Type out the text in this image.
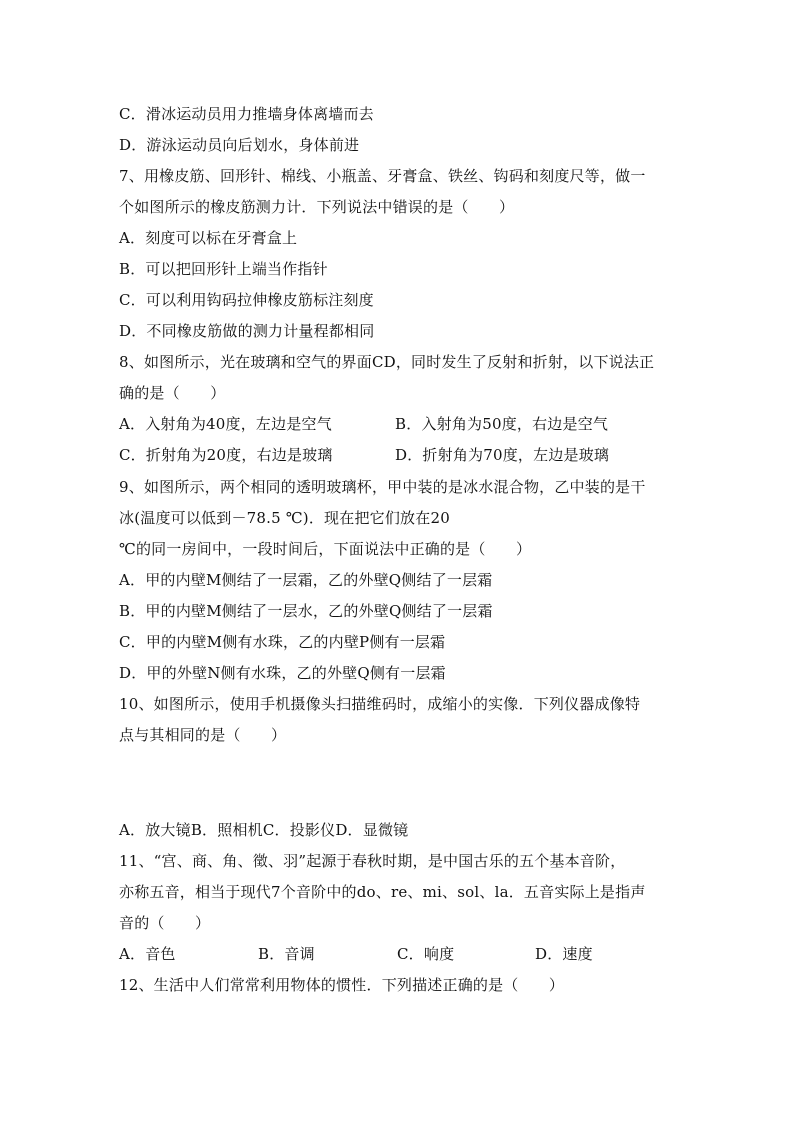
C．滑冰运动员用力推墙身体离墙而去
D．游泳运动员向后划水，身体前进
7、用橡皮筋、回形针、棉线、小瓶盖、牙膏盒、铁丝、钩码和刻度尺等，做一
个如图所示的橡皮筋测力计．下列说法中错误的是（　　）
A．刻度可以标在牙膏盒上
B．可以把回形针上端当作指针
C．可以利用钩码拉伸橡皮筋标注刻度
D．不同橡皮筋做的测力计量程都相同
8、如图所示，光在玻璃和空气的界面CD，同时发生了反射和折射，以下说法正
确的是（　　）
A．入射角为40度，左边是空气	B．入射角为50度，右边是空气
C．折射角为20度，右边是玻璃	D．折射角为70度，左边是玻璃
9、如图所示，两个相同的透明玻璃杯，甲中装的是冰水混合物，乙中装的是干
冰(温度可以低到－78.5 ℃)．现在把它们放在20
℃的同一房间中，一段时间后，下面说法中正确的是（　　）
A．甲的内壁M侧结了一层霜，乙的外壁Q侧结了一层霜
B．甲的内壁M侧结了一层水，乙的外壁Q侧结了一层霜
C．甲的内壁M侧有水珠，乙的内壁P侧有一层霜
D．甲的外壁N侧有水珠，乙的外壁Q侧有一层霜
10、如图所示，使用手机摄像头扫描维码时，成缩小的实像．下列仪器成像特
点与其相同的是（　　）
A．放大镜B．照相机C．投影仪D．显微镜
11、“宫、商、角、徵、羽”起源于春秋时期，是中国古乐的五个基本音阶，
亦称五音，相当于现代7个音阶中的do、re、mi、sol、la．五音实际上是指声
音的（　　）
A．音色	B．音调	C．响度	D．速度
12、生活中人们常常利用物体的惯性．下列描述正确的是（　　）
